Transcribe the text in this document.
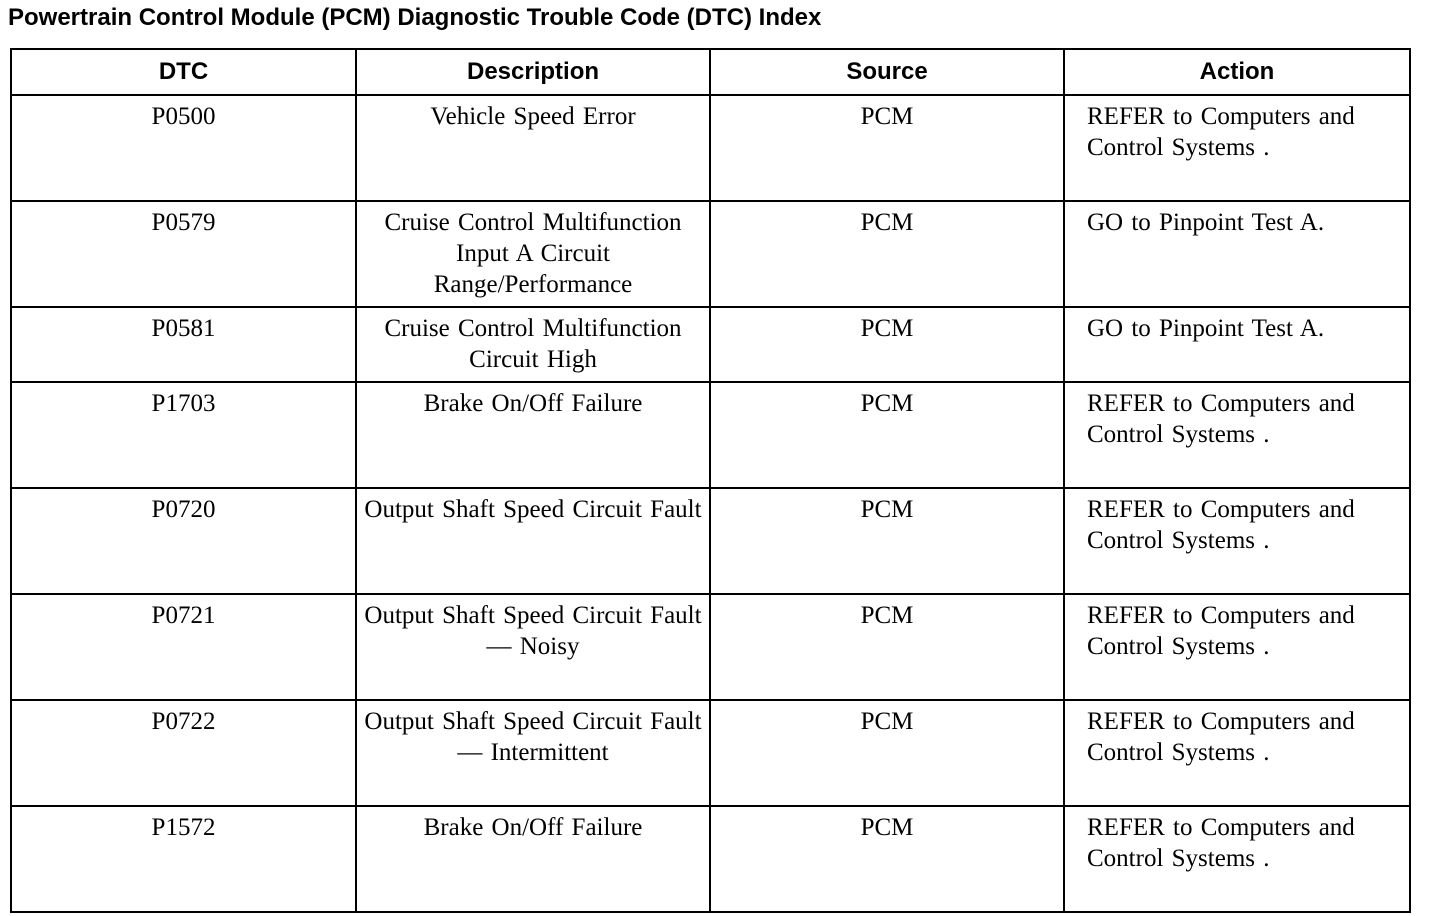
Powertrain Control Module (PCM) Diagnostic Trouble Code (DTC) Index
DTC	Description	Source	Action
P0500	Vehicle Speed Error	PCM	REFER to Computers and Control Systems .
P0579	Cruise Control Multifunction Input A Circuit Range/Performance	PCM	GO to Pinpoint Test A.
P0581	Cruise Control Multifunction Circuit High	PCM	GO to Pinpoint Test A.
P1703	Brake On/Off Failure	PCM	REFER to Computers and Control Systems .
P0720	Output Shaft Speed Circuit Fault	PCM	REFER to Computers and Control Systems .
P0721	Output Shaft Speed Circuit Fault — Noisy	PCM	REFER to Computers and Control Systems .
P0722	Output Shaft Speed Circuit Fault — Intermittent	PCM	REFER to Computers and Control Systems .
P1572	Brake On/Off Failure	PCM	REFER to Computers and Control Systems .
